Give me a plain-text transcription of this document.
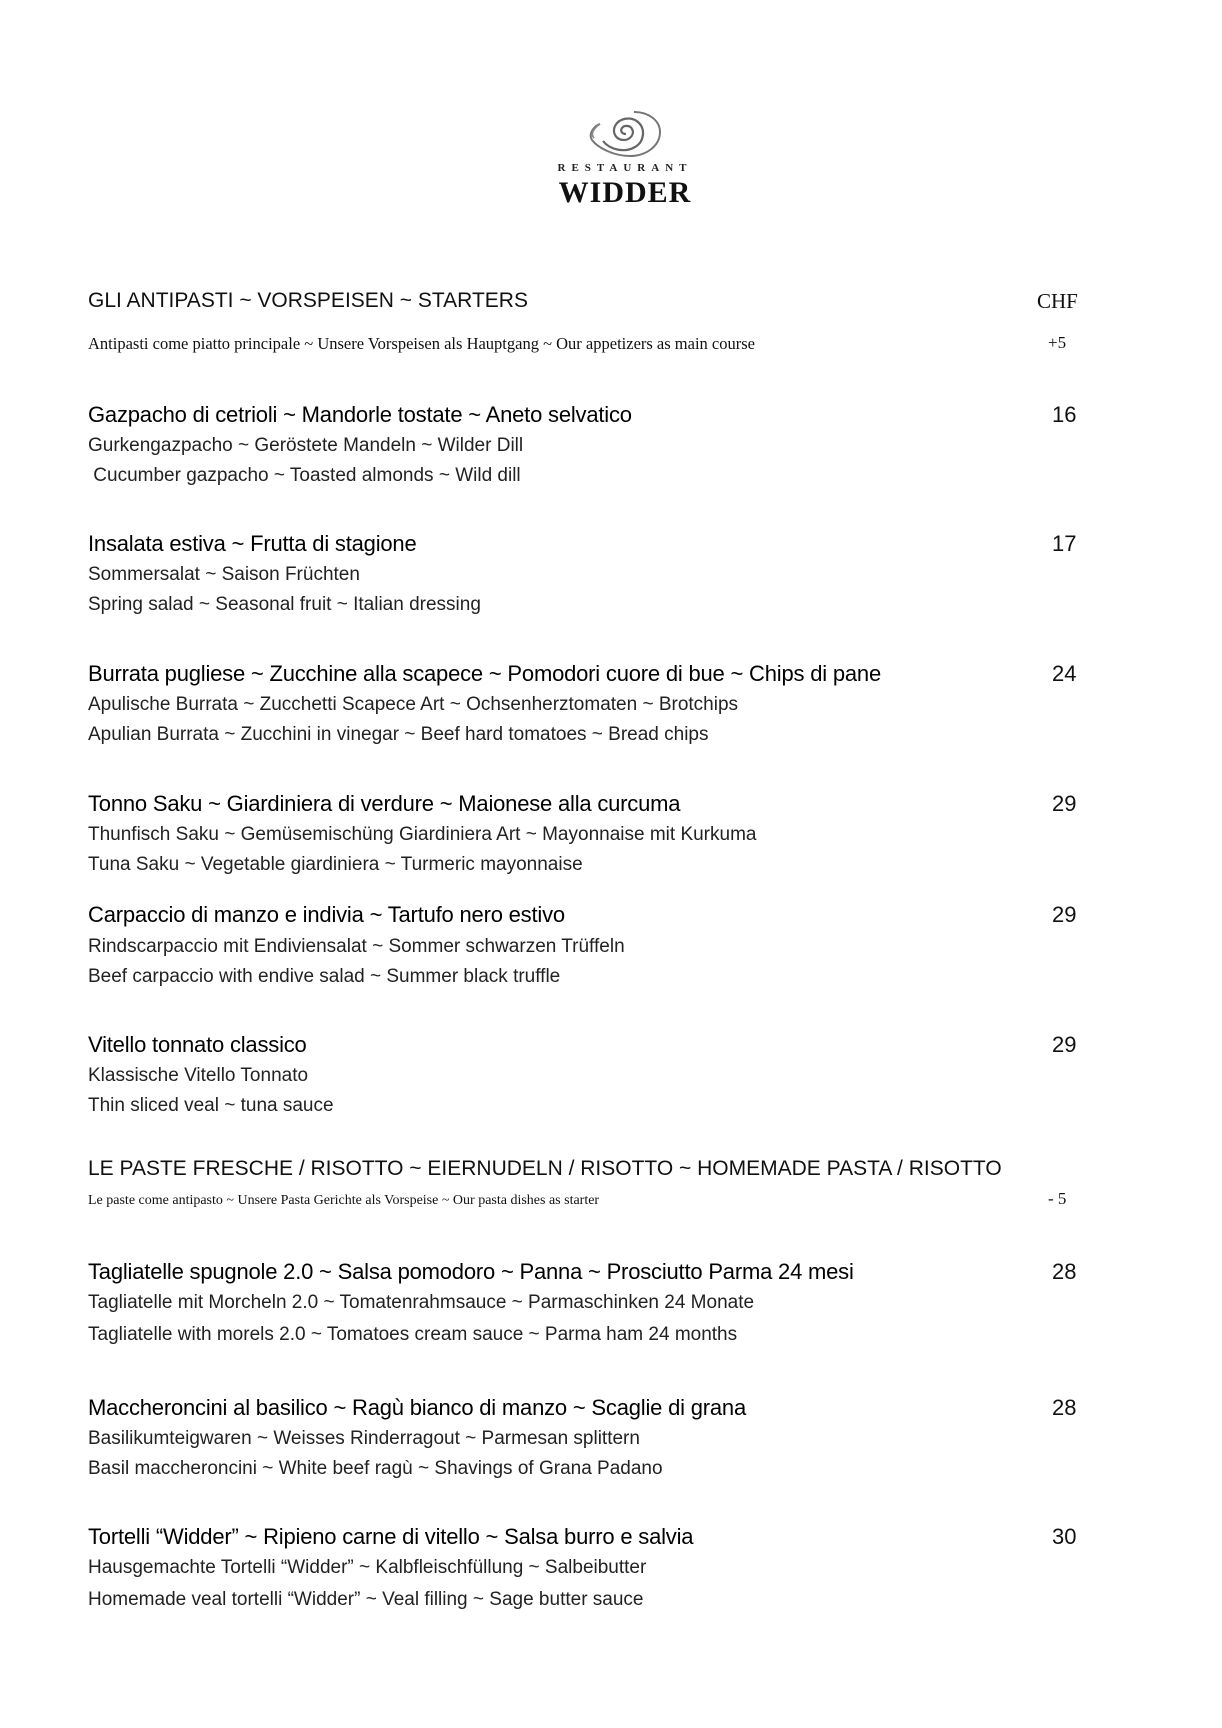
RESTAURANT
WIDDER
GLI ANTIPASTI ~ VORSPEISEN ~ STARTERS	CHF
Antipasti come piatto principale ~ Unsere Vorspeisen als Hauptgang ~ Our appetizers as main course	+5
Gazpacho di cetrioli ~ Mandorle tostate ~ Aneto selvatico	16
Gurkengazpacho ~ Geröstete Mandeln ~ Wilder Dill
Cucumber gazpacho ~ Toasted almonds ~ Wild dill
Insalata estiva ~ Frutta di stagione	17
Sommersalat ~ Saison Früchten
Spring salad ~ Seasonal fruit ~ Italian dressing
Burrata pugliese ~ Zucchine alla scapece ~ Pomodori cuore di bue ~ Chips di pane	24
Apulische Burrata ~ Zucchetti Scapece Art ~ Ochsenherztomaten ~ Brotchips
Apulian Burrata ~ Zucchini in vinegar ~ Beef hard tomatoes ~ Bread chips
Tonno Saku ~ Giardiniera di verdure ~ Maionese alla curcuma	29
Thunfisch Saku ~ Gemüsemischüng Giardiniera Art ~ Mayonnaise mit Kurkuma
Tuna Saku ~ Vegetable giardiniera ~ Turmeric mayonnaise
Carpaccio di manzo e indivia ~ Tartufo nero estivo	29
Rindscarpaccio mit Endiviensalat ~ Sommer schwarzen Trüffeln
Beef carpaccio with endive salad ~ Summer black truffle
Vitello tonnato classico	29
Klassische Vitello Tonnato
Thin sliced veal ~ tuna sauce
LE PASTE FRESCHE / RISOTTO ~ EIERNUDELN / RISOTTO ~ HOMEMADE PASTA / RISOTTO
Le paste come antipasto ~ Unsere Pasta Gerichte als Vorspeise ~ Our pasta dishes as starter	- 5
Tagliatelle spugnole 2.0 ~ Salsa pomodoro ~ Panna ~ Prosciutto Parma 24 mesi	28
Tagliatelle mit Morcheln 2.0 ~ Tomatenrahmsauce ~ Parmaschinken 24 Monate
Tagliatelle with morels 2.0 ~ Tomatoes cream sauce ~ Parma ham 24 months
Maccheroncini al basilico ~ Ragù bianco di manzo ~ Scaglie di grana	28
Basilikumteigwaren ~ Weisses Rinderragout ~ Parmesan splittern
Basil maccheroncini ~ White beef ragù ~ Shavings of Grana Padano
Tortelli “Widder” ~ Ripieno carne di vitello ~ Salsa burro e salvia	30
Hausgemachte Tortelli “Widder” ~ Kalbfleischfüllung ~ Salbeibutter
Homemade veal tortelli “Widder” ~ Veal filling ~ Sage butter sauce
